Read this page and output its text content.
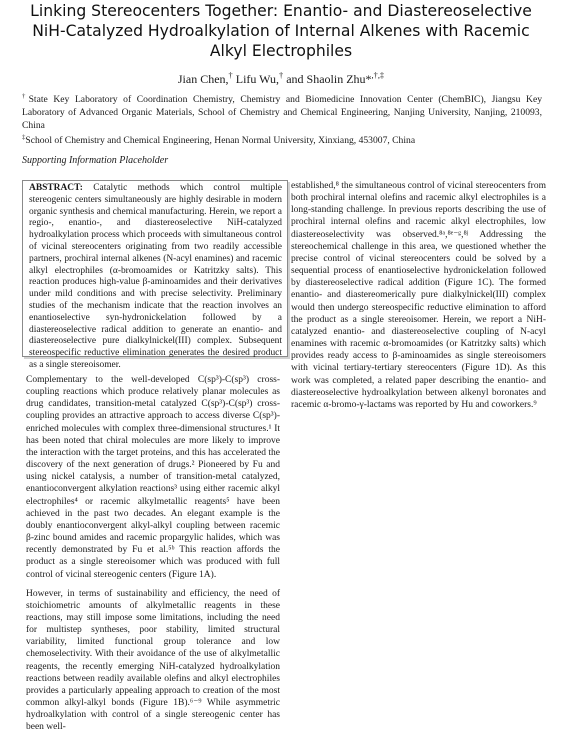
Linking Stereocenters Together: Enantio- and Diastereoselective NiH-Catalyzed Hydroalkylation of Internal Alkenes with Racemic Alkyl Electrophiles
Jian Chen,† Lifu Wu,† and Shaolin Zhu*,†,‡
†State Key Laboratory of Coordination Chemistry, Chemistry and Biomedicine Innovation Center (ChemBIC), Jiangsu Key Laboratory of Advanced Organic Materials, School of Chemistry and Chemical Engineering, Nanjing University, Nanjing, 210093, China
‡School of Chemistry and Chemical Engineering, Henan Normal University, Xinxiang, 453007, China
Supporting Information Placeholder
ABSTRACT: Catalytic methods which control multiple stereogenic centers simultaneously are highly desirable in modern organic synthesis and chemical manufacturing. Herein, we report a regio-, enantio-, and diastereoselective NiH-catalyzed hydroalkylation process which proceeds with simultaneous control of vicinal stereocenters originating from two readily accessible partners, prochiral internal alkenes (N-acyl enamines) and racemic alkyl electrophiles (α-bromoamides or Katritzky salts). This reaction produces high-value β-aminoamides and their derivatives under mild conditions and with precise selectivity. Preliminary studies of the mechanism indicate that the reaction involves an enantioselective syn-hydronickelation followed by a diastereoselective radical addition to generate an enantio- and diastereoselective pure dialkylnickel(III) complex. Subsequent stereospecific reductive elimination generates the desired product as a single stereoisomer.

Complementary to the well-developed C(sp³)-C(sp³) cross-coupling reactions which produce relatively planar molecules as drug candidates, transition-metal catalyzed C(sp³)-C(sp³) cross-coupling provides an attractive approach to access diverse C(sp³)-enriched molecules with complex three-dimensional structures.¹ It has been noted that chiral molecules are more likely to improve the interaction with the target proteins, and this has accelerated the discovery of the next generation of drugs.² Pioneered by Fu and using nickel catalysis, a number of transition-metal catalyzed, enantioconvergent alkylation reactions³ using either racemic alkyl electrophiles⁴ or racemic alkylmetallic reagents⁵ have been achieved in the past two decades. An elegant example is the doubly enantioconvergent alkyl-alkyl coupling between racemic β-zinc bound amides and racemic propargylic halides, which was recently demonstrated by Fu et al.⁵ᵇ This reaction affords the product as a single stereoisomer which was produced with full control of vicinal stereogenic centers (Figure 1A).

However, in terms of sustainability and efficiency, the need of stoichiometric amounts of alkylmetallic reagents in these reactions, may still impose some limitations, including the need for multistep syntheses, poor stability, limited structural variability, limited functional group tolerance and low chemoselectivity. With their avoidance of the use of alkylmetallic reagents, the recently emerging NiH-catalyzed hydroalkylation reactions between readily available olefins and alkyl electrophiles provides a particularly appealing approach to creation of the most common alkyl-alkyl bonds (Figure 1B).⁶⁻⁹ While asymmetric hydroalkylation with control of a single stereogenic center has been well-

established,⁸ the simultaneous control of vicinal stereocenters from both prochiral internal olefins and racemic alkyl electrophiles is a long-standing challenge. In previous reports describing the use of prochiral internal olefins and racemic alkyl electrophiles, low diastereoselectivity was observed.⁸ᵃ,⁸ᵉ⁻ᵍ,⁸ʲ Addressing the stereochemical challenge in this area, we questioned whether the precise control of vicinal stereocenters could be solved by a sequential process of enantioselective hydronickelation followed by diastereoselective radical addition (Figure 1C). The formed enantio- and diastereomerically pure dialkylnickel(III) complex would then undergo stereospecific reductive elimination to afford the product as a single stereoisomer. Herein, we report a NiH-catalyzed enantio- and diastereoselective coupling of N-acyl enamines with racemic α-bromoamides (or Katritzky salts) which provides ready access to β-aminoamides as single stereoisomers with vicinal tertiary-tertiary stereocenters (Figure 1D). As this work was completed, a related paper describing the enantio- and diastereoselective hydroalkylation between alkenyl boronates and racemic α-bromo-γ-lactams was reported by Hu and coworkers.⁹
